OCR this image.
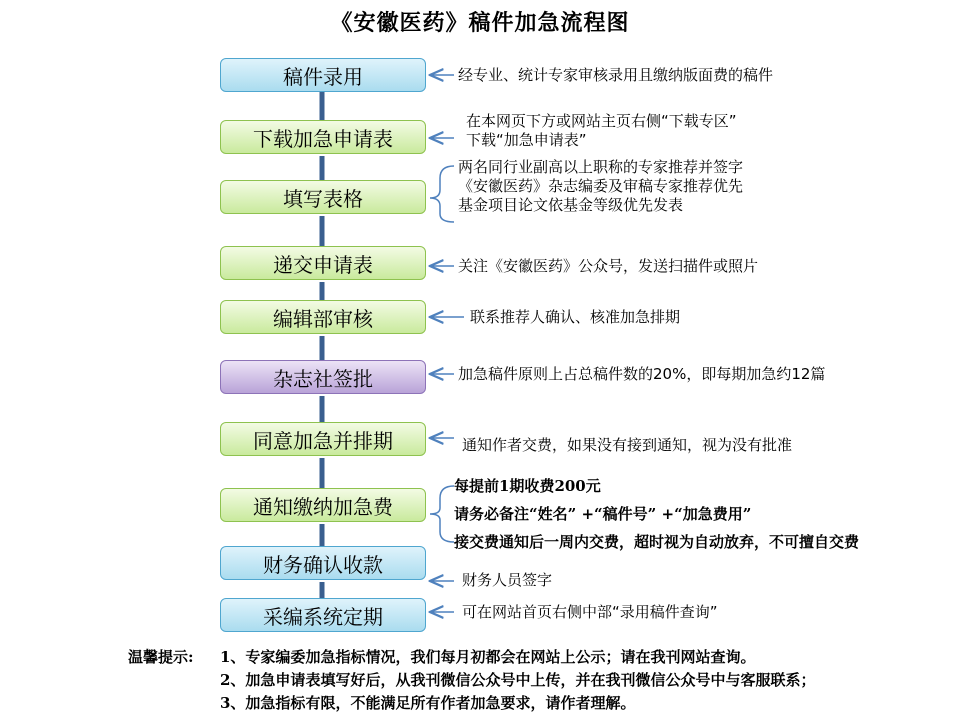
《安徽医药》稿件加急流程图
稿件录用
下载加急申请表
填写表格
递交申请表
编辑部审核
杂志社签批
同意加急并排期
通知缴纳加急费
财务确认收款
采编系统定期
经专业、统计专家审核录用且缴纳版面费的稿件
在本网页下方或网站主页右侧“下载专区”
下载“加急申请表”
两名同行业副高以上职称的专家推荐并签字
《安徽医药》杂志编委及审稿专家推荐优先
基金项目论文依基金等级优先发表
关注《安徽医药》公众号，发送扫描件或照片
联系推荐人确认、核准加急排期
加急稿件原则上占总稿件数的20%，即每期加急约12篇
通知作者交费，如果没有接到通知，视为没有批准
每提前1期收费200元
请务必备注“姓名” +“稿件号” +“加急费用”
接交费通知后一周内交费，超时视为自动放弃，不可擅自交费
财务人员签字
可在网站首页右侧中部“录用稿件查询”
温馨提示: 1、专家编委加急指标情况，我们每月初都会在网站上公示；请在我刊网站查询。
2、加急申请表填写好后，从我刊微信公众号中上传，并在我刊微信公众号中与客服联系；
3、加急指标有限，不能满足所有作者加急要求，请作者理解。
